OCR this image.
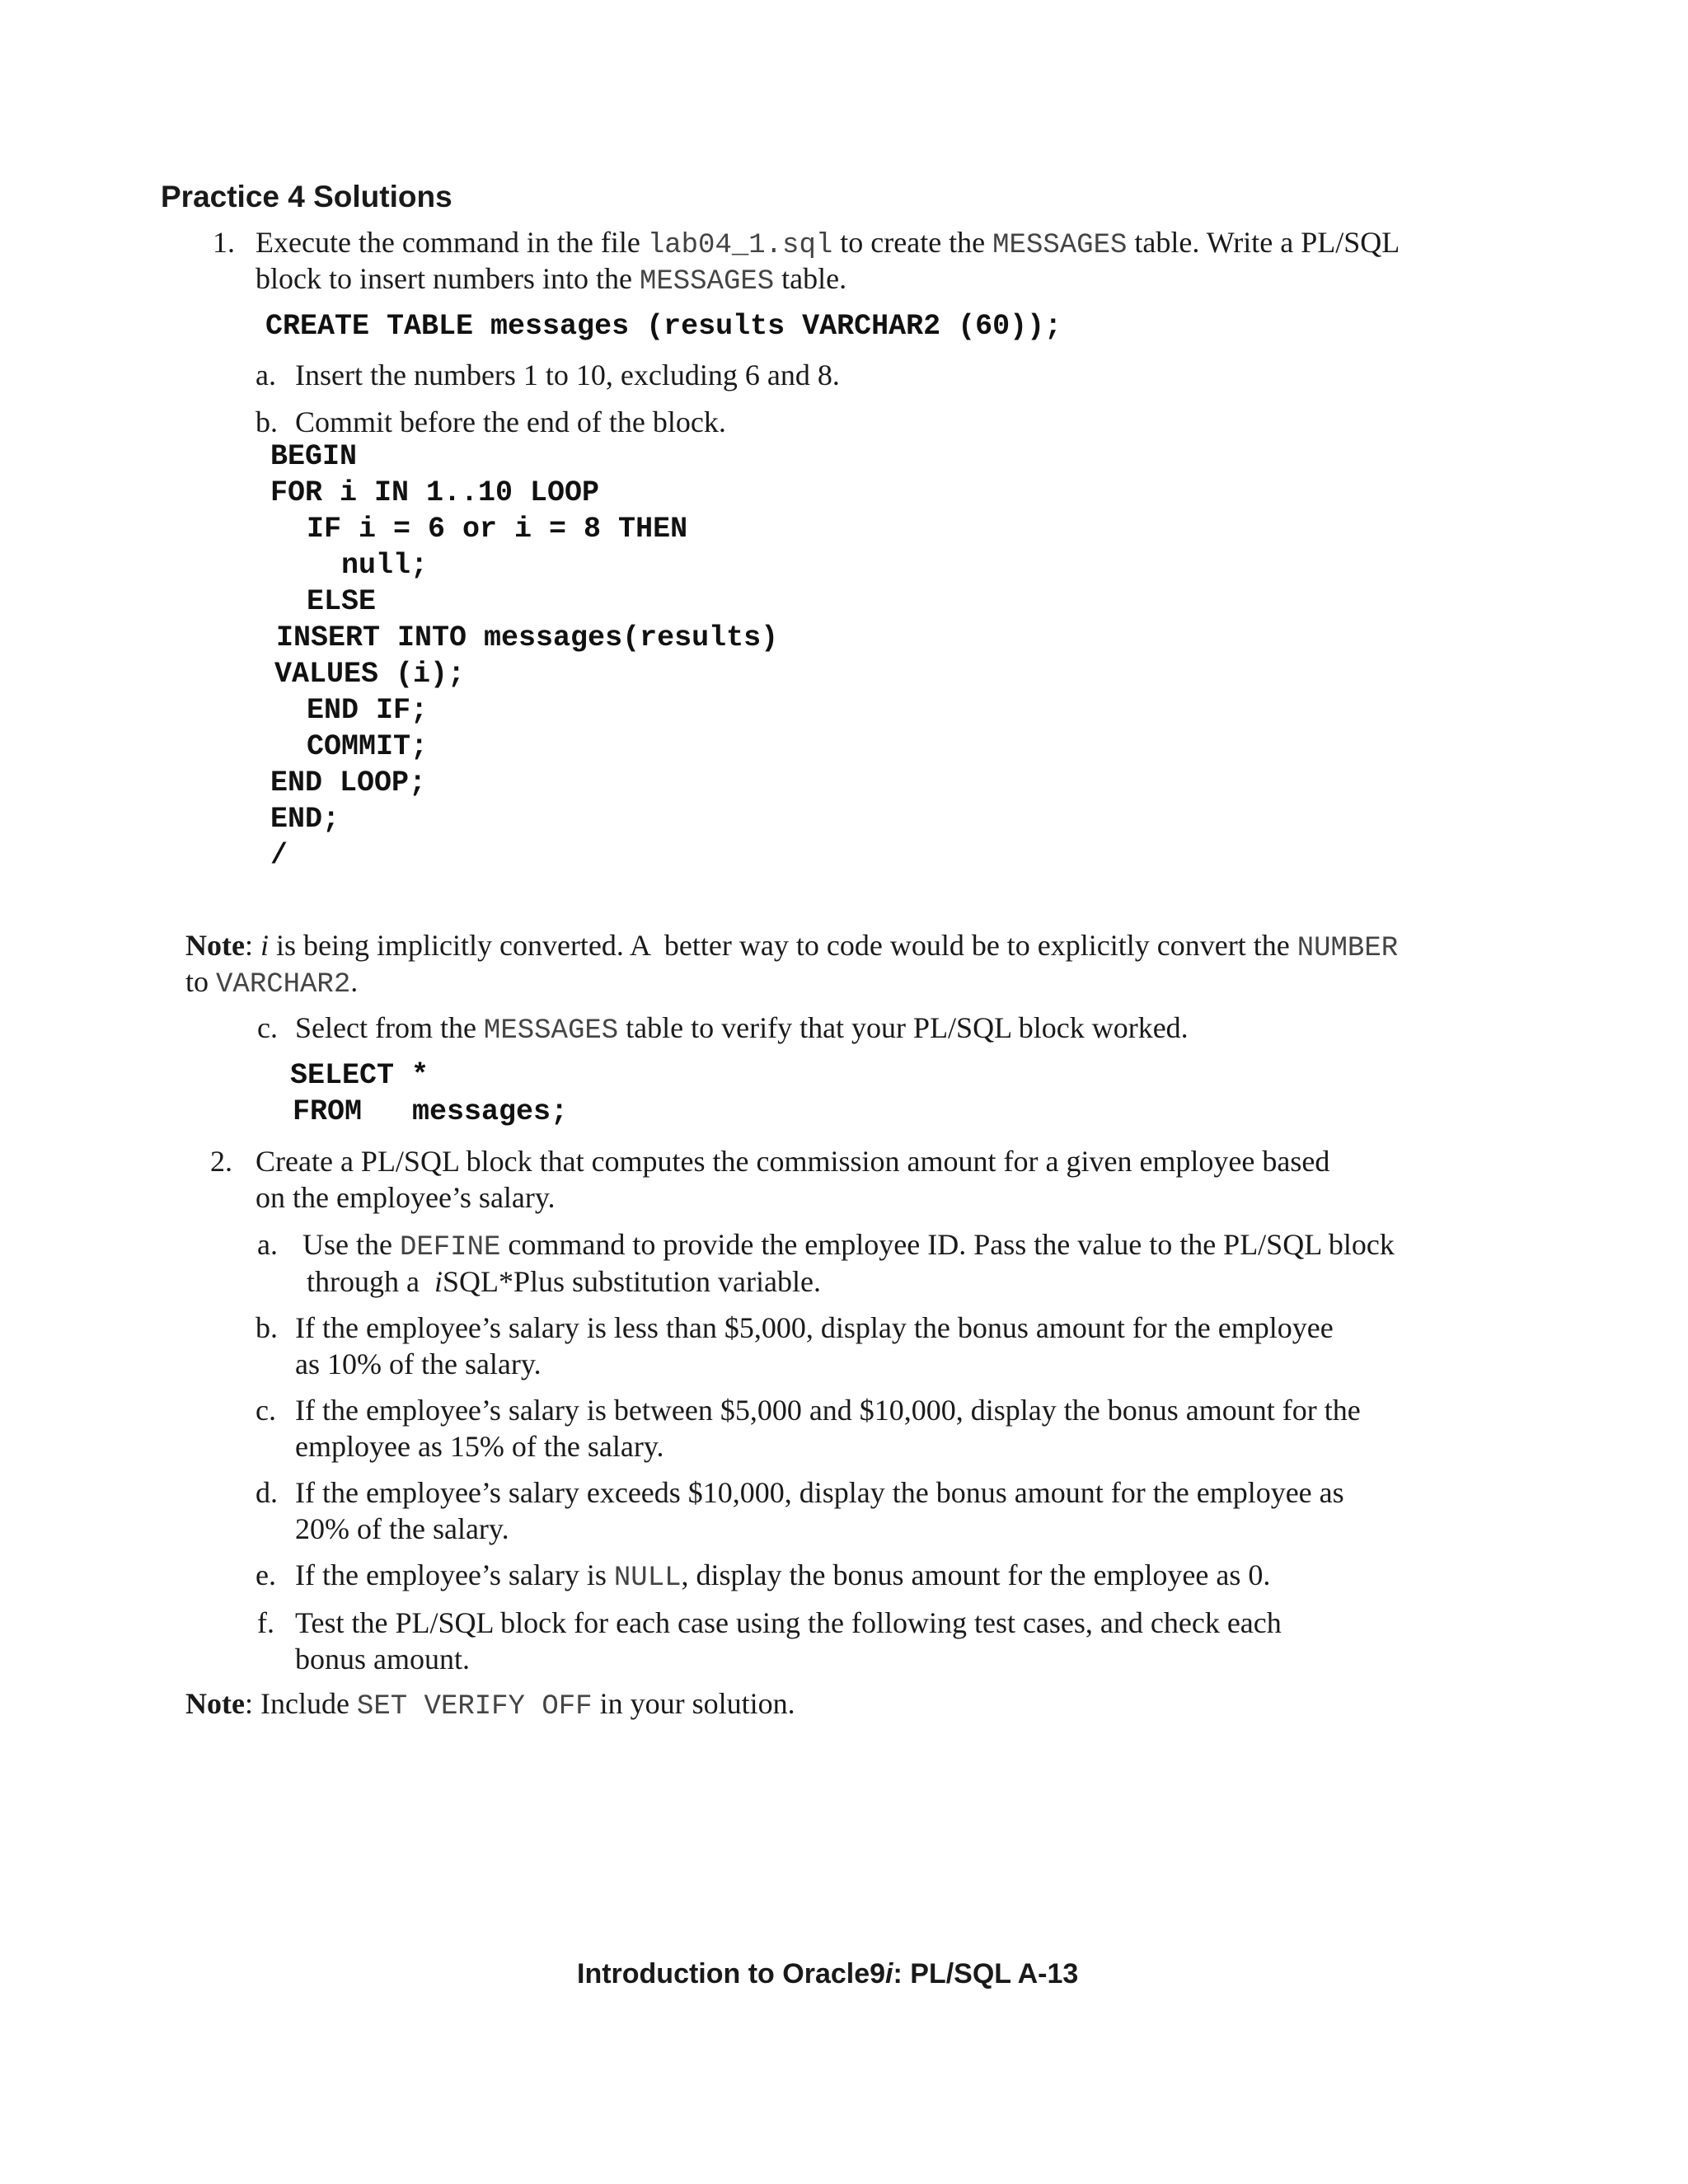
Practice 4 Solutions
1. Execute the command in the file lab04_1.sql to create the MESSAGES table. Write a PL/SQL
block to insert numbers into the MESSAGES table.
CREATE TABLE messages (results VARCHAR2 (60));
a. Insert the numbers 1 to 10, excluding 6 and 8.
b. Commit before the end of the block.
BEGIN
FOR i IN 1..10 LOOP
IF i = 6 or i = 8 THEN
null;
ELSE
INSERT INTO messages(results)
VALUES (i);
END IF;
COMMIT;
END LOOP;
END;
/
Note: i is being implicitly converted. A  better way to code would be to explicitly convert the NUMBER
to VARCHAR2.
c. Select from the MESSAGES table to verify that your PL/SQL block worked.
SELECT *
FROM messages;
2. Create a PL/SQL block that computes the commission amount for a given employee based
on the employee’s salary.
a. Use the DEFINE command to provide the employee ID. Pass the value to the PL/SQL block
through a  iSQL*Plus substitution variable.
b. If the employee’s salary is less than $5,000, display the bonus amount for the employee
as 10% of the salary.
c. If the employee’s salary is between $5,000 and $10,000, display the bonus amount for the
employee as 15% of the salary.
d. If the employee’s salary exceeds $10,000, display the bonus amount for the employee as
20% of the salary.
e. If the employee’s salary is NULL, display the bonus amount for the employee as 0.
f. Test the PL/SQL block for each case using the following test cases, and check each
bonus amount.
Note: Include SET VERIFY OFF in your solution.
Introduction to Oracle9i: PL/SQL A-13
